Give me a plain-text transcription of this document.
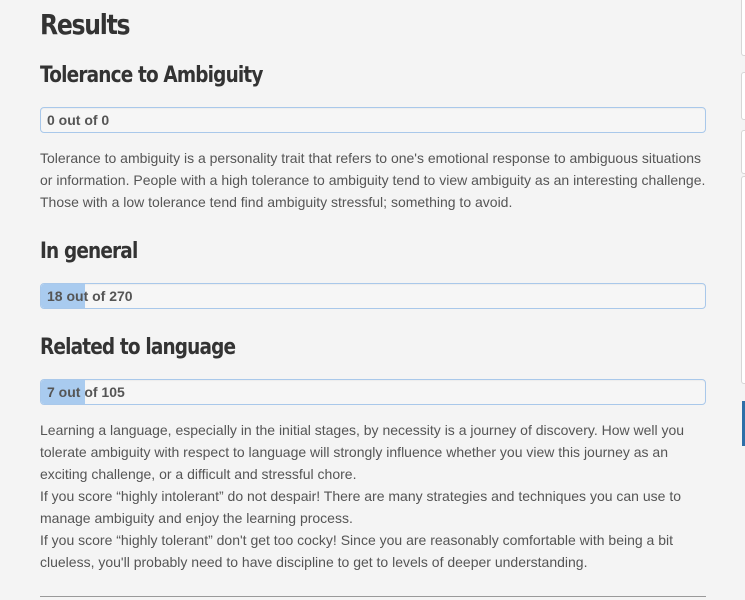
Results
Tolerance to Ambiguity
0 out of 0

Tolerance to ambiguity is a personality trait that refers to one's emotional response to ambiguous situations or information. People with a high tolerance to ambiguity tend to view ambiguity as an interesting challenge. Those with a low tolerance tend find ambiguity stressful; something to avoid.

In general
18 out of 270
Related to language
7 out of 105

Learning a language, especially in the initial stages, by necessity is a journey of discovery. How well you tolerate ambiguity with respect to language will strongly influence whether you view this journey as an exciting challenge, or a difficult and stressful chore.

If you score “highly intolerant” do not despair! There are many strategies and techniques you can use to manage ambiguity and enjoy the learning process.

If you score “highly tolerant” don't get too cocky! Since you are reasonably comfortable with being a bit clueless, you'll probably need to have discipline to get to levels of deeper understanding.
